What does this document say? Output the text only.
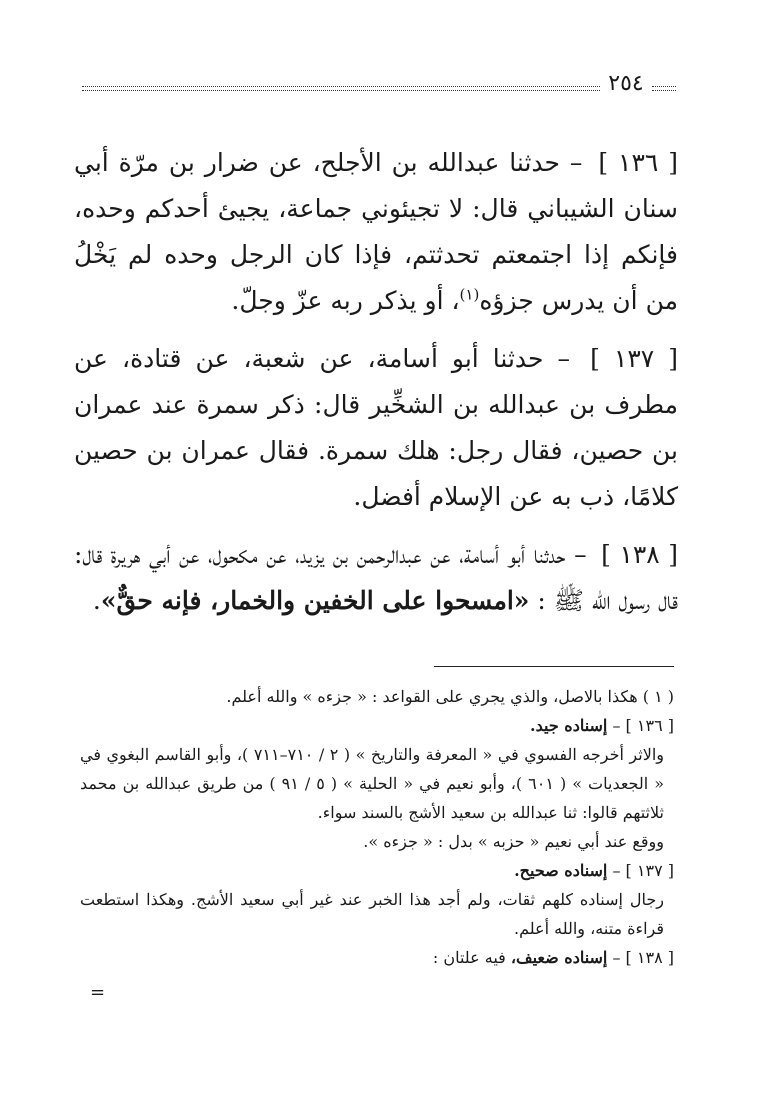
٢٥٤

[ ١٣٦ ] – حدثنا عبدالله بن الأجلح، عن ضرار بن مرّة أبي سنان الشيباني قال: لا تجيئوني جماعة، يجيئ أحدكم وحده، فإنكم إذا اجتمعتم تحدثتم، فإذا كان الرجل وحده لم يَخْلُ من أن يدرس جزؤه$^{(١)}$، أو يذكر ربه عزّ وجلّ.

[ ١٣٧ ] – حدثنا أبو أسامة، عن شعبة، عن قتادة، عن مطرف بن عبدالله بن الشخِّير قال: ذكر سمرة عند عمران بن حصين، فقال رجل: هلك سمرة. فقال عمران بن حصين كلامًا، ذب به عن الإسلام أفضل.

[ ١٣٨ ] – حدثنا أبو أسامة، عن عبدالرحمن بن يزيد، عن مكحول، عن أبي هريرة قال: قال رسول الله ﷺ : «امسحوا على الخفين والخمار، فإنه حقٌّ».

( ١ ) هكذا بالاصل، والذي يجري على القواعد : « جزءه » والله أعلم.

[ ١٣٦ ] – إسناده جيد.

والاثر أخرجه الفسوي في « المعرفة والتاريخ » ( ٢ / ٧١٠–٧١١ )، وأبو القاسم البغوي في « الجعديات » ( ٦٠١ )، وأبو نعيم في « الحلية » ( ٥ / ٩١ ) من طريق عبدالله بن محمد ثلاثتهم قالوا: ثنا عبدالله بن سعيد الأشج بالسند سواء.

ووقع عند أبي نعيم « حزبه » بدل : « جزءه ».

[ ١٣٧ ] – إسناده صحيح.

رجال إسناده كلهم ثقات، ولم أجد هذا الخبر عند غير أبي سعيد الأشج. وهكذا استطعت قراءة متنه، والله أعلم.

[ ١٣٨ ] – إسناده ضعيف، فيه علتان :

=
